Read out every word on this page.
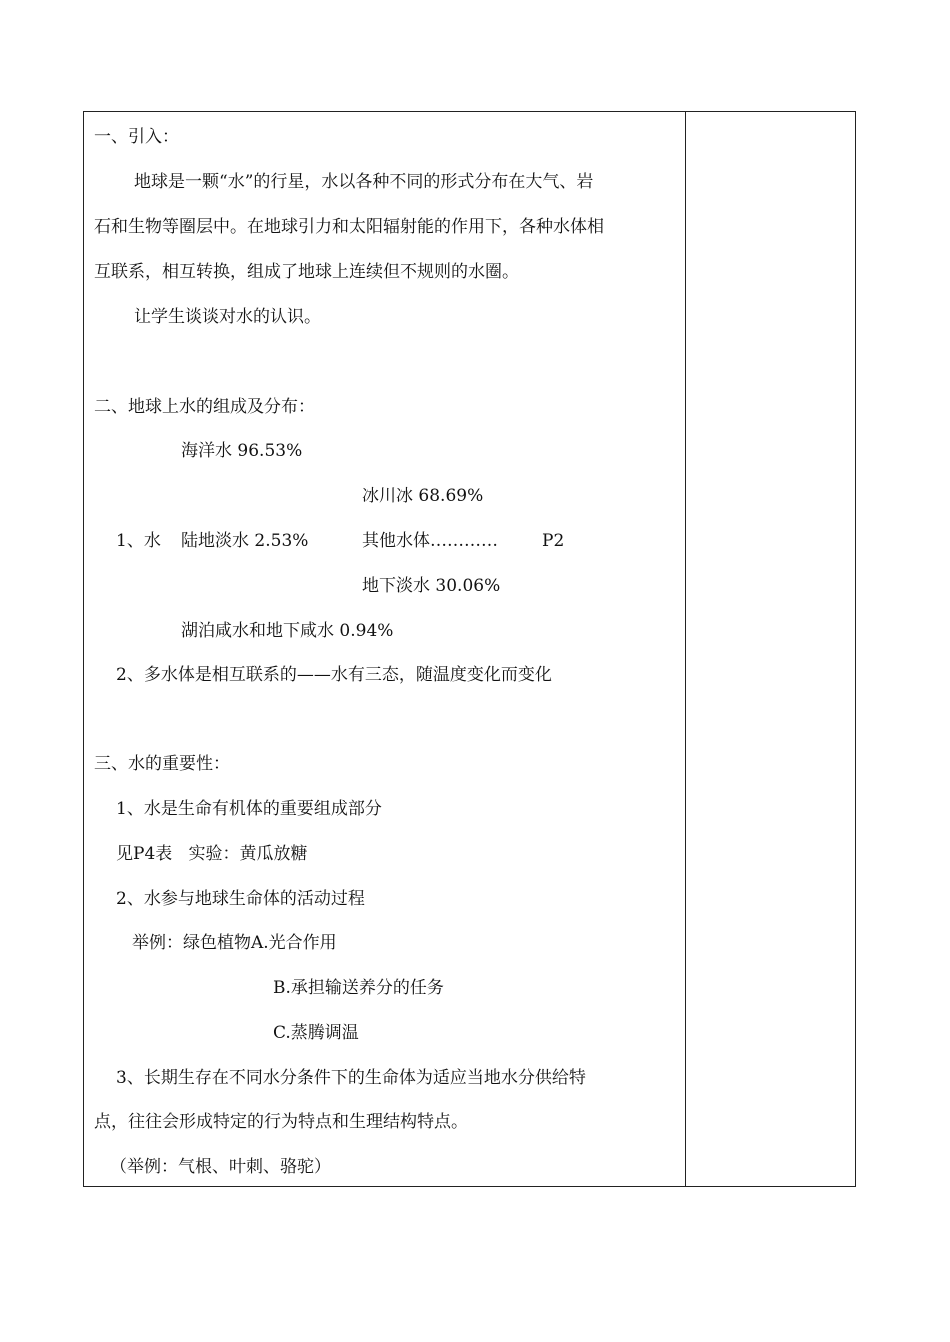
一、引入：
地球是一颗“水”的行星，水以各种不同的形式分布在大气、岩
石和生物等圈层中。在地球引力和太阳辐射能的作用下，各种水体相
互联系，相互转换，组成了地球上连续但不规则的水圈。
让学生谈谈对水的认识。
二、地球上水的组成及分布：
海洋水 96.53%
冰川冰 68.69%
1、水 陆地淡水 2.53%	其他水体…………	P2
地下淡水 30.06%
湖泊咸水和地下咸水 0.94%
2、多水体是相互联系的——水有三态，随温度变化而变化
三、水的重要性：
1、水是生命有机体的重要组成部分
见P4表   实验：黄瓜放糖
2、水参与地球生命体的活动过程
举例：绿色植物A.光合作用
B.承担输送养分的任务
C.蒸腾调温
3、长期生存在不同水分条件下的生命体为适应当地水分供给特
点，往往会形成特定的行为特点和生理结构特点。
（举例：气根、叶刺、骆驼）
